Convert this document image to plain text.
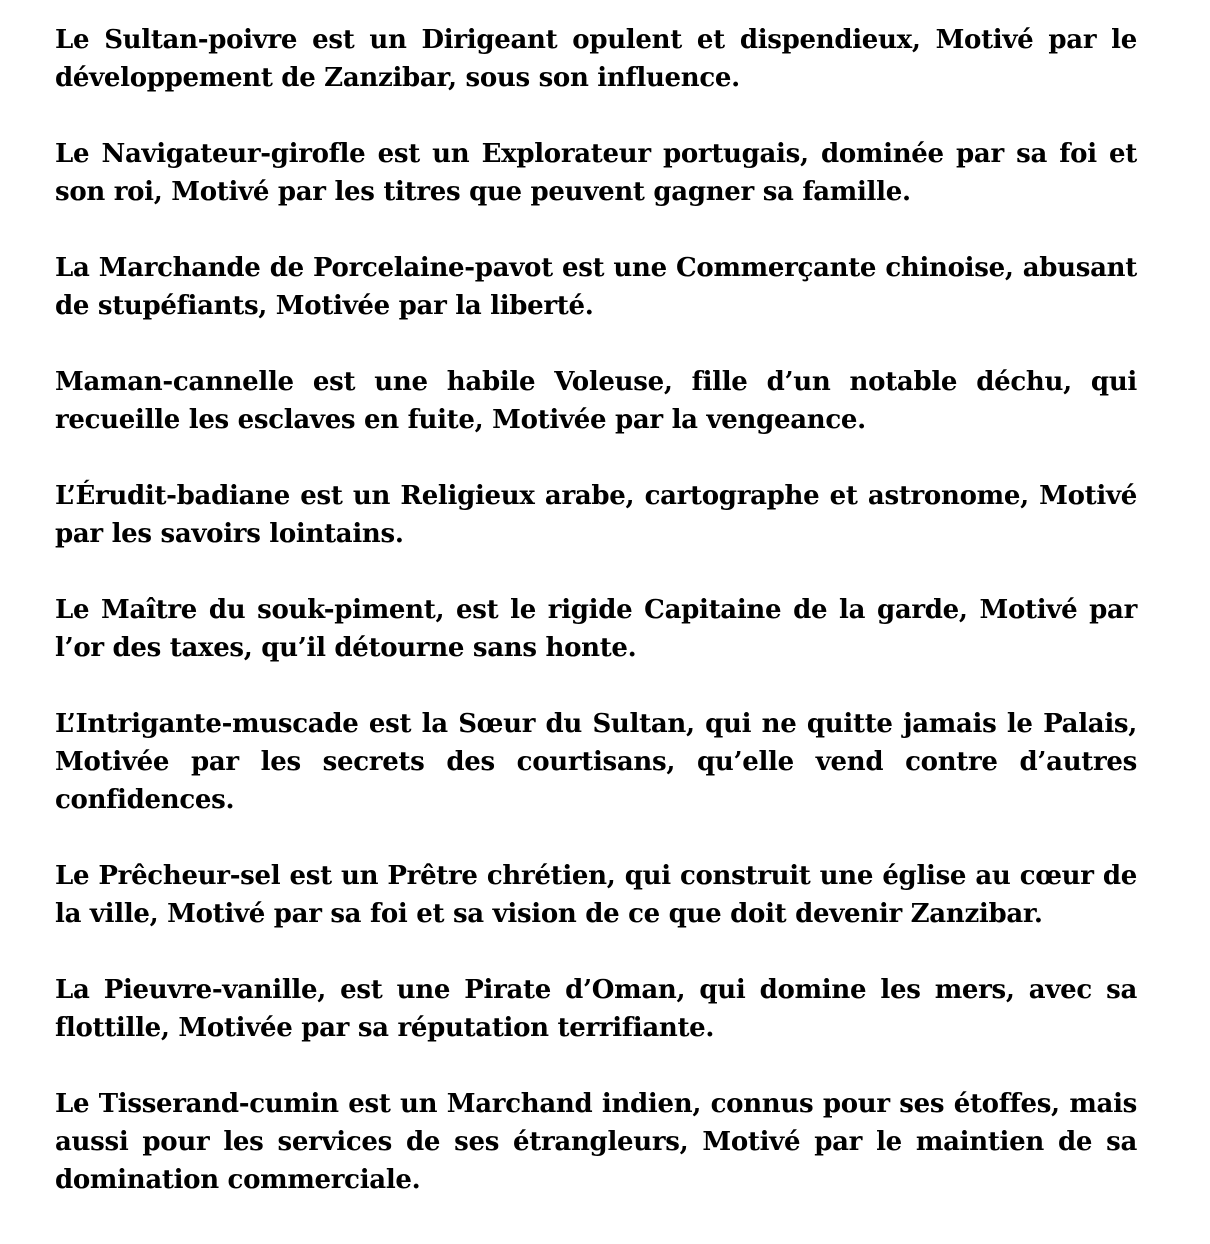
Le Sultan-poivre est un Dirigeant opulent et dispendieux, Motivé par le développement de Zanzibar, sous son influence.

Le Navigateur-girofle est un Explorateur portugais, dominée par sa foi et son roi, Motivé par les titres que peuvent gagner sa famille.

La Marchande de Porcelaine-pavot est une Commerçante chinoise, abusant de stupéfiants, Motivée par la liberté.

Maman-cannelle est une habile Voleuse, fille d’un notable déchu, qui recueille les esclaves en fuite, Motivée par la vengeance.

L’Érudit-badiane est un Religieux arabe, cartographe et astronome, Motivé par les savoirs lointains.

Le Maître du souk-piment, est le rigide Capitaine de la garde, Motivé par l’or des taxes, qu’il détourne sans honte.

L’Intrigante-muscade est la Sœur du Sultan, qui ne quitte jamais le Palais, Motivée par les secrets des courtisans, qu’elle vend contre d’autres confidences.

Le Prêcheur-sel est un Prêtre chrétien, qui construit une église au cœur de la ville, Motivé par sa foi et sa vision de ce que doit devenir Zanzibar.

La Pieuvre-vanille, est une Pirate d’Oman, qui domine les mers, avec sa flottille, Motivée par sa réputation terrifiante.

Le Tisserand-cumin est un Marchand indien, connus pour ses étoffes, mais aussi pour les services de ses étrangleurs, Motivé par le maintien de sa domination commerciale.
